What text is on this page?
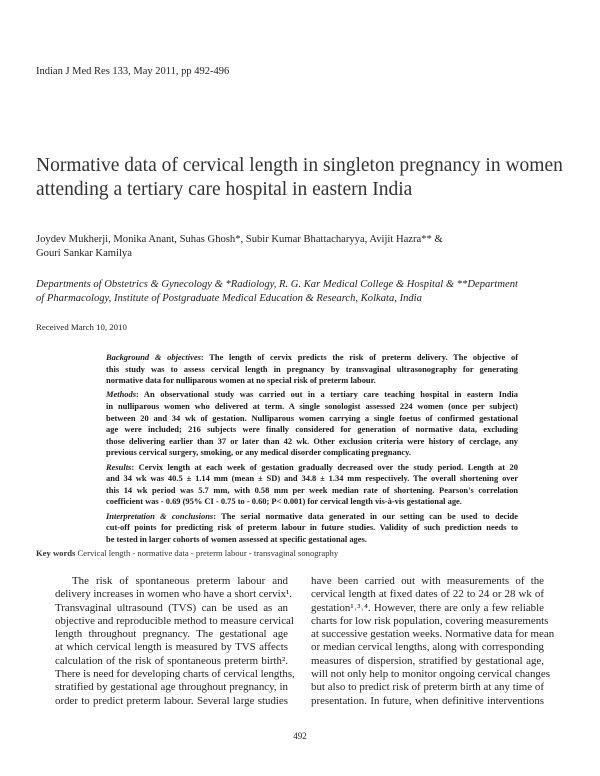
Indian J Med Res 133, May 2011, pp 492-496
Normative data of cervical length in singleton pregnancy in women
attending a tertiary care hospital in eastern India
Joydev Mukherji, Monika Anant, Suhas Ghosh*, Subir Kumar Bhattacharyya, Avijit Hazra** &
Gouri Sankar Kamilya
Departments of Obstetrics & Gynecology & *Radiology, R. G. Kar Medical College & Hospital & **Department
of Pharmacology, Institute of Postgraduate Medical Education & Research, Kolkata, India
Received March 10, 2010
Background & objectives: The length of cervix predicts the risk of preterm delivery. The objective of
this study was to assess cervical length in pregnancy by transvaginal ultrasonography for generating
normative data for nulliparous women at no special risk of preterm labour.
Methods: An observational study was carried out in a tertiary care teaching hospital in eastern India
in nulliparous women who delivered at term. A single sonologist assessed 224 women (once per subject)
between 20 and 34 wk of gestation. Nulliparous women carrying a single foetus of confirmed gestational
age were included; 216 subjects were finally considered for generation of normative data, excluding
those delivering earlier than 37 or later than 42 wk. Other exclusion criteria were history of cerclage, any
previous cervical surgery, smoking, or any medical disorder complicating pregnancy.
Results: Cervix length at each week of gestation gradually decreased over the study period. Length at 20
and 34 wk was 40.5 ± 1.14 mm (mean ± SD) and 34.8 ± 1.34 mm respectively. The overall shortening over
this 14 wk period was 5.7 mm, with 0.58 mm per week median rate of shortening. Pearson's correlation
coefficient was - 0.69 (95% CI - 0.75 to - 0.60; P< 0.001) for cervical length vis-à-vis gestational age.
Interpretation & conclusions: The serial normative data generated in our setting can be used to decide
cut-off points for predicting risk of preterm labour in future studies. Validity of such prediction needs to
be tested in larger cohorts of women assessed at specific gestational ages.
Key words Cervical length - normative data - preterm labour - transvaginal sonography
The risk of spontaneous preterm labour and
delivery increases in women who have a short cervix¹.
Transvaginal ultrasound (TVS) can be used as an
objective and reproducible method to measure cervical
length throughout pregnancy. The gestational age
at which cervical length is measured by TVS affects
calculation of the risk of spontaneous preterm birth².
There is need for developing charts of cervical lengths,
stratified by gestational age throughout pregnancy, in
order to predict preterm labour. Several large studies
have been carried out with measurements of the
cervical length at fixed dates of 22 to 24 or 28 wk of
gestation¹˒³˒⁴. However, there are only a few reliable
charts for low risk population, covering measurements
at successive gestation weeks. Normative data for mean
or median cervical lengths, along with corresponding
measures of dispersion, stratified by gestational age,
will not only help to monitor ongoing cervical changes
but also to predict risk of preterm birth at any time of
presentation. In future, when definitive interventions
492
